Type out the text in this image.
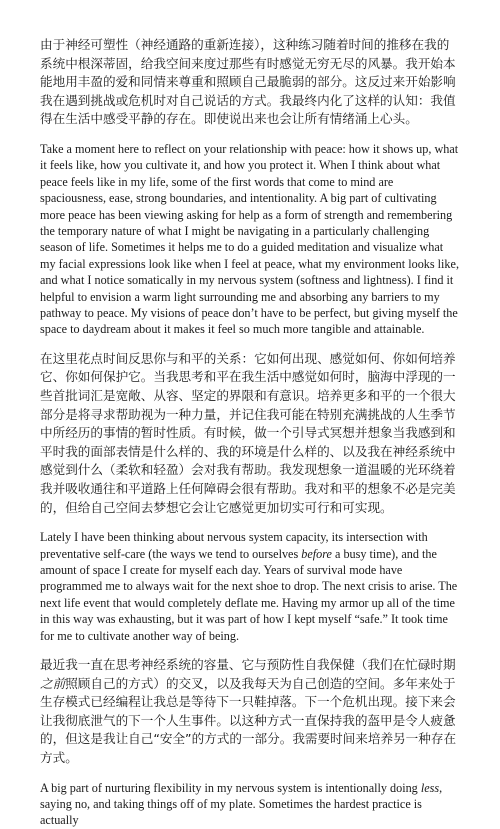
由于神经可塑性（神经通路的重新连接），这种练习随着时间的推移在我的系统中根深蒂固，给我空间来度过那些有时感觉无穷无尽的风暴。我开始本能地用丰盈的爱和同情来尊重和照顾自己最脆弱的部分。这反过来开始影响我在遇到挑战或危机时对自己说话的方式。我最终内化了这样的认知：我值得在生活中感受平静的存在。即使说出来也会让所有情绪涌上心头。

Take a moment here to reflect on your relationship with peace: how it shows up, what it feels like, how you cultivate it, and how you protect it. When I think about what peace feels like in my life, some of the first words that come to mind are spaciousness, ease, strong boundaries, and intentionality. A big part of cultivating more peace has been viewing asking for help as a form of strength and remembering the temporary nature of what I might be navigating in a particularly challenging season of life. Sometimes it helps me to do a guided meditation and visualize what my facial expressions look like when I feel at peace, what my environment looks like, and what I notice somatically in my nervous system (softness and lightness). I find it helpful to envision a warm light surrounding me and absorbing any barriers to my pathway to peace. My visions of peace don’t have to be perfect, but giving myself the space to daydream about it makes it feel so much more tangible and attainable.

在这里花点时间反思你与和平的关系：它如何出现、感觉如何、你如何培养它、你如何保护它。当我思考和平在我生活中感觉如何时，脑海中浮现的一些首批词汇是宽敞、从容、坚定的界限和有意识。培养更多和平的一个很大部分是将寻求帮助视为一种力量，并记住我可能在特别充满挑战的人生季节中所经历的事情的暂时性质。有时候，做一个引导式冥想并想象当我感到和平时我的面部表情是什么样的、我的环境是什么样的、以及我在神经系统中感觉到什么（柔软和轻盈）会对我有帮助。我发现想象一道温暖的光环绕着我并吸收通往和平道路上任何障碍会很有帮助。我对和平的想象不必是完美的，但给自己空间去梦想它会让它感觉更加切实可行和可实现。

Lately I have been thinking about nervous system capacity, its intersection with preventative self-care (the ways we tend to ourselves before a busy time), and the amount of space I create for myself each day. Years of survival mode have programmed me to always wait for the next shoe to drop. The next crisis to arise. The next life event that would completely deflate me. Having my armor up all of the time in this way was exhausting, but it was part of how I kept myself “safe.” It took time for me to cultivate another way of being.

最近我一直在思考神经系统的容量、它与预防性自我保健（我们在忙碌时期之前照顾自己的方式）的交叉，以及我每天为自己创造的空间。多年来处于生存模式已经编程让我总是等待下一只鞋掉落。下一个危机出现。接下来会让我彻底泄气的下一个人生事件。以这种方式一直保持我的盔甲是令人疲惫的，但这是我让自己“安全”的方式的一部分。我需要时间来培养另一种存在方式。

A big part of nurturing flexibility in my nervous system is intentionally doing less, saying no, and taking things off of my plate. Sometimes the hardest practice is actually
